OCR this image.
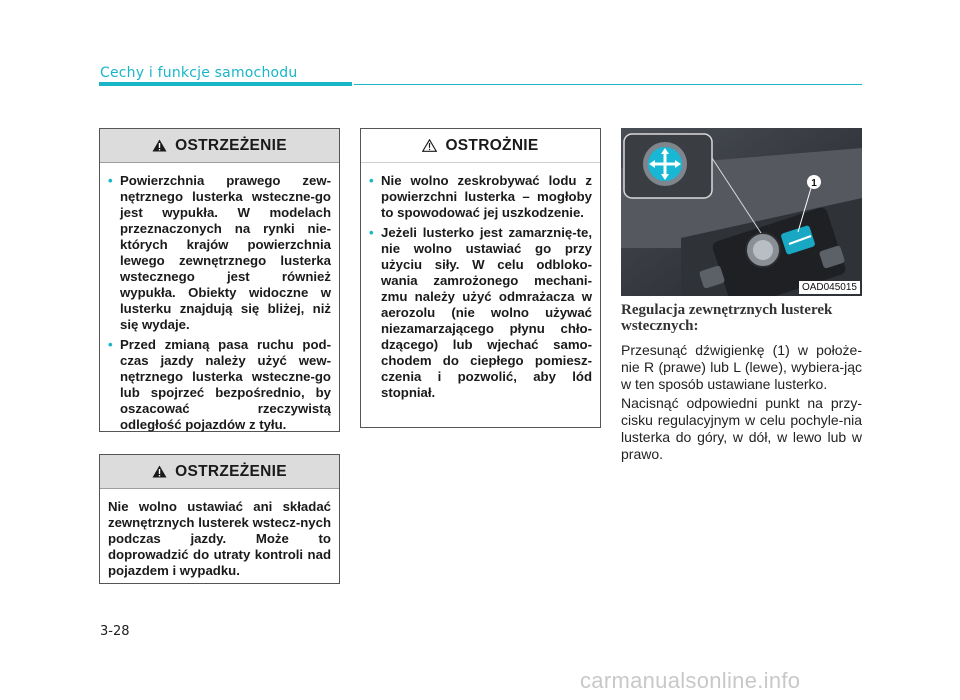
Cechy i funkcje samochodu
OSTRZEŻENIE
• Powierzchnia prawego zew-nętrznego lusterka wsteczne-go jest wypukła. W modelach przeznaczonych na rynki nie-których krajów powierzchnia lewego zewnętrznego lusterka wstecznego jest również wypukła. Obiekty widoczne w lusterku znajdują się bliżej, niż się wydaje.
• Przed zmianą pasa ruchu pod-czas jazdy należy użyć wew-nętrznego lusterka wsteczne-go lub spojrzeć bezpośrednio, by oszacować rzeczywistą odległość pojazdów z tyłu.
OSTRZEŻENIE
Nie wolno ustawiać ani składać zewnętrznych lusterek wstecz-nych podczas jazdy. Może to doprowadzić do utraty kontroli nad pojazdem i wypadku.
OSTROŻNIE
• Nie wolno zeskrobywać lodu z powierzchni lusterka – mogłoby to spowodować jej uszkodzenie.
• Jeżeli lusterko jest zamarznię-te, nie wolno ustawiać go przy użyciu siły. W celu odbloko-wania zamrożonego mechani-zmu należy użyć odmrażacza w aerozolu (nie wolno używać niezamarzającego płynu chło-dzącego) lub wjechać samo-chodem do ciepłego pomiesz-czenia i pozwolić, aby lód stopniał.
1
OAD045015
Regulacja zewnętrznych lusterek wstecznych:
Przesunąć dźwigienkę (1) w położe-nie R (prawe) lub L (lewe), wybiera-jąc w ten sposób ustawiane lusterko.
Nacisnąć odpowiedni punkt na przy-cisku regulacyjnym w celu pochyle-nia lusterka do góry, w dół, w lewo lub w prawo.
3-28
carmanualsonline.info
